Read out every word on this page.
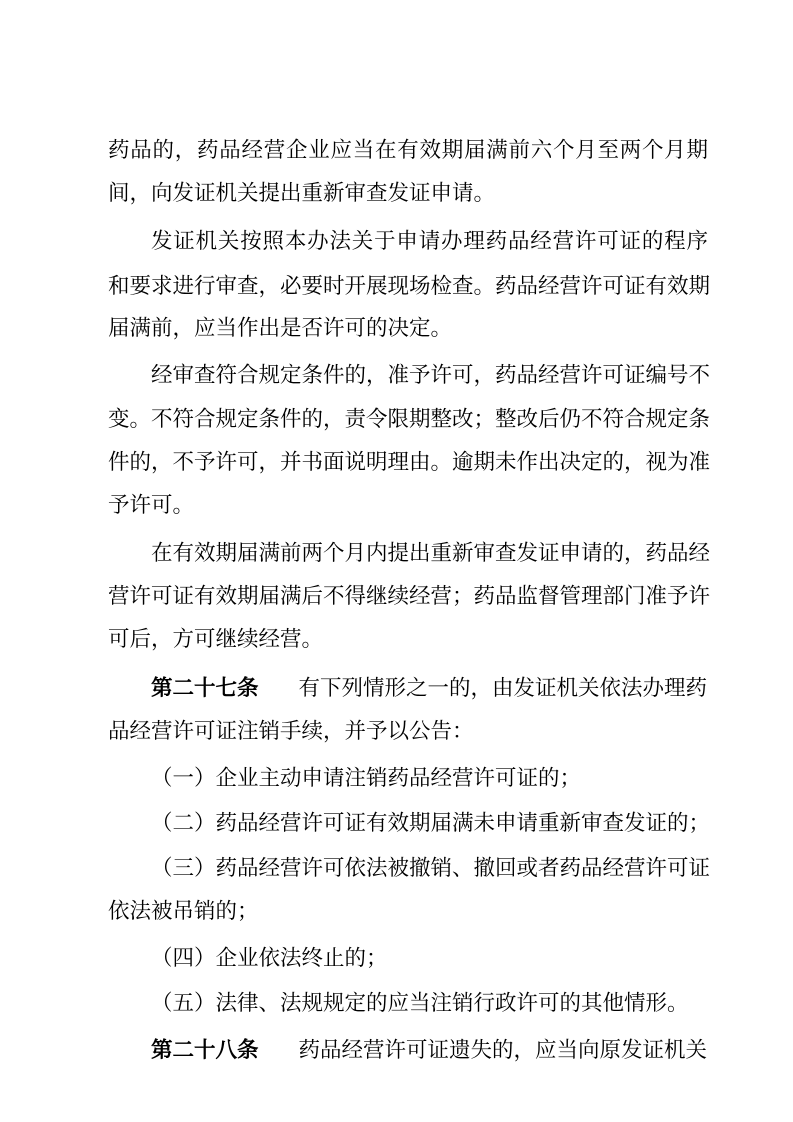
药品的，药品经营企业应当在有效期届满前六个月至两个月期
间，向发证机关提出重新审查发证申请。
发证机关按照本办法关于申请办理药品经营许可证的程序
和要求进行审查，必要时开展现场检查。药品经营许可证有效期
届满前，应当作出是否许可的决定。
经审查符合规定条件的，准予许可，药品经营许可证编号不
变。不符合规定条件的，责令限期整改；整改后仍不符合规定条
件的，不予许可，并书面说明理由。逾期未作出决定的，视为准
予许可。
在有效期届满前两个月内提出重新审查发证申请的，药品经
营许可证有效期届满后不得继续经营；药品监督管理部门准予许
可后，方可继续经营。
第二十七条 有下列情形之一的，由发证机关依法办理药
品经营许可证注销手续，并予以公告：
（一）企业主动申请注销药品经营许可证的；
（二）药品经营许可证有效期届满未申请重新审查发证的；
（三）药品经营许可依法被撤销、撤回或者药品经营许可证
依法被吊销的；
（四）企业依法终止的；
（五）法律、法规规定的应当注销行政许可的其他情形。
第二十八条 药品经营许可证遗失的，应当向原发证机关
